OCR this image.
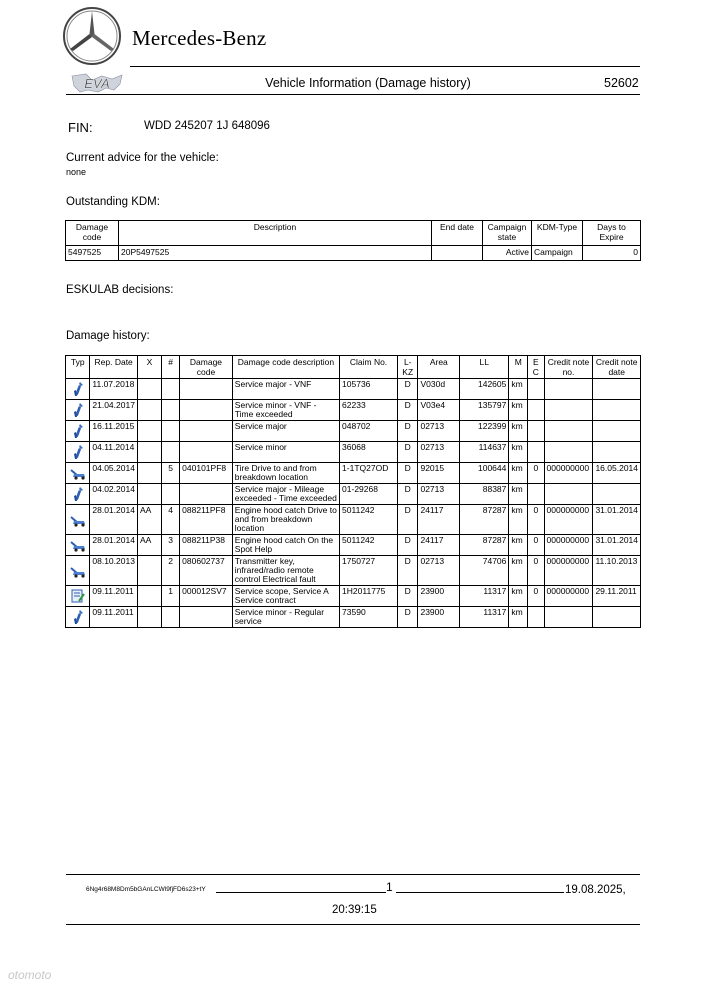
Mercedes-Benz
EVA	Vehicle Information (Damage history)	52602
FIN:	WDD 245207 1J 648096
Current advice for the vehicle:
none
Outstanding KDM:
Damage code	Description	End date	Campaign state	KDM-Type	Days to Expire
5497525	20P5497525		Active	Campaign	0
ESKULAB decisions:
Damage history:
Typ	Rep. Date	X	#	Damage code	Damage code description	Claim No.	L-KZ	Area	LL	M	E C	Credit note no.	Credit note date

	11.07.2018				Service major - VNF	105736	D	V030d	142605	km			

	21.04.2017				Service minor - VNF - Time exceeded	62233	D	V03e4	135797	km			

	16.11.2015				Service major	048702	D	02713	122399	km			

	04.11.2014				Service minor	36068	D	02713	114637	km			

	04.05.2014		5	040101PF8	Tire Drive to and from breakdown location	1-1TQ27OD	D	92015	100644	km	0	000000000	16.05.2014

	04.02.2014				Service major - Mileage exceeded - Time exceeded	01-29268	D	02713	88387	km			

	28.01.2014	AA	4	088211PF8	Engine hood catch Drive to and from breakdown location	5011242	D	24117	87287	km	0	000000000	31.01.2014

	28.01.2014	AA	3	088211P38	Engine hood catch On the Spot Help	5011242	D	24117	87287	km	0	000000000	31.01.2014

	08.10.2013		2	080602737	Transmitter key, infrared/radio remote control Electrical fault	1750727	D	02713	74706	km	0	000000000	11.10.2013

	09.11.2011		1	000012SV7	Service scope, Service A Service contract	1H2011775	D	23900	11317	km	0	000000000	29.11.2011

	09.11.2011				Service minor - Regular service	73590	D	23900	11317	km			
6Ng4r68M8Dm5bGAnLCWl9fjFD6s23+tY	1	19.08.2025,
20:39:15
otomoto
